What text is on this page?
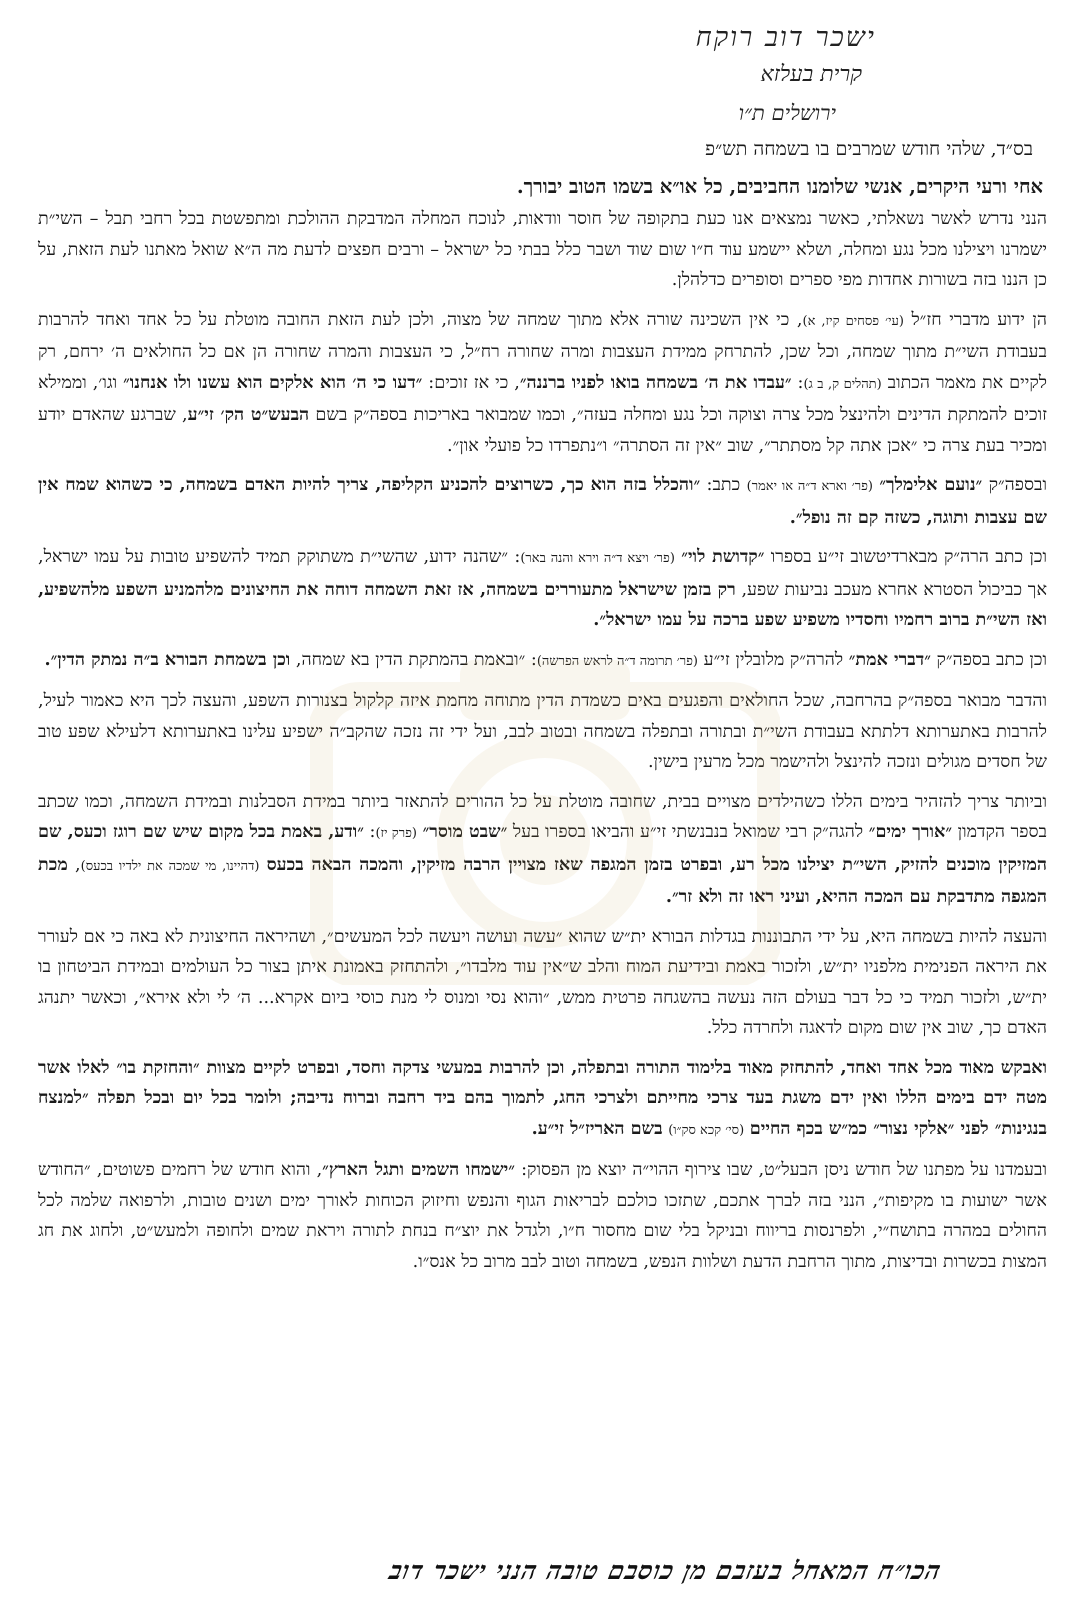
ישכר דוב רוקח
קרית בעלזא
ירושלים ת״ו
בס״ד, שלהי חודש שמרבים בו בשמחה תש״פ
אחי ורעי היקרים, אנשי שלומנו החביבים, כל או״א בשמו הטוב יבורך.

הנני נדרש לאשר נשאלתי, כאשר נמצאים אנו כעת בתקופה של חוסר וודאות, לנוכח המחלה המדבקת ההולכת ומתפשטת בכל רחבי תבל – השי״ת ישמרנו ויצילנו מכל נגע ומחלה, ושלא יישמע עוד ח״ו שום שוד ושבר כלל בבתי כל ישראל – ורבים חפצים לדעת מה ה״א שואל מאתנו לעת הזאת, על כן הננו בזה בשורות אחדות מפי ספרים וסופרים כדלהלן.

הן ידוע מדברי חז״ל (עי׳ פסחים קיז, א), כי אין השכינה שורה אלא מתוך שמחה של מצוה, ולכן לעת הזאת החובה מוטלת על כל אחד ואחד להרבות בעבודת השי״ת מתוך שמחה, וכל שכן, להתרחק ממידת העצבות ומרה שחורה רח״ל, כי העצבות והמרה שחורה הן אם כל החולאים ה׳ ירחם, רק לקיים את מאמר הכתוב (תהלים ק, ב ג): ״עבדו את ה׳ בשמחה בואו לפניו ברננה״, כי אז זוכים: ״דעו כי ה׳ הוא אלקים הוא עשנו ולו אנחנו״ וגו׳, וממילא זוכים להמתקת הדינים ולהינצל מכל צרה וצוקה וכל נגע ומחלה בעזה״, וכמו שמבואר באריכות בספה״ק בשם הבעש״ט הק׳ זי״ע, שברגע שהאדם יודע ומכיר בעת צרה כי ״אכן אתה קל מסתתר״, שוב ״אין זה הסתרה״ ו״נתפרדו כל פועלי און״.

ובספה״ק ״נועם אלימלך״ (פר׳ וארא ד״ה או יאמר) כתב: ״והכלל בזה הוא כך, כשרוצים להכניע הקליפה, צריך להיות האדם בשמחה, כי כשהוא שמח אין שם עצבות ותוגה, כשזה קם זה נופל״.

וכן כתב הרה״ק מבארדיטשוב זי״ע בספרו ״קדושת לוי״ (פר׳ ויצא ד״ה וירא והנה באר): ״שהנה ידוע, שהשי״ת משתוקק תמיד להשפיע טובות על עמו ישראל, אך כביכול הסטרא אחרא מעכב נביעות שפע, רק בזמן שישראל מתעוררים בשמחה, אז זאת השמחה דוחה את החיצונים מלהמניע השפע מלהשפיע, ואז השי״ת ברוב רחמיו וחסדיו משפיע שפע ברכה על עמו ישראל״.

וכן כתב בספה״ק ״דברי אמת״ להרה״ק מלובלין זי״ע (פר׳ תרומה ד״ה לראש הפרשה): ״ובאמת בהמתקת הדין בא שמחה, וכן בשמחת הבורא ב״ה נמתק הדין״.

והדבר מבואר בספה״ק בהרחבה, שכל החולאים והפגעים באים כשמדת הדין מתוחה מחמת איזה קלקול בצנורות השפע, והעצה לכך היא כאמור לעיל, להרבות באתערותא דלתתא בעבודת השי״ת ובתורה ובתפלה בשמחה ובטוב לבב, ועל ידי זה נזכה שהקב״ה ישפיע עלינו באתערותא דלעילא שפע טוב של חסדים מגולים ונזכה להינצל ולהישמר מכל מרעין בישין.

וביותר צריך להזהיר בימים הללו כשהילדים מצויים בבית, שחובה מוטלת על כל ההורים להתאזר ביותר במידת הסבלנות ובמידת השמחה, וכמו שכתב בספר הקדמון ״אורך ימים״ להגה״ק רבי שמואל בנבנשתי זי״ע והביאו בספרו בעל ״שבט מוסר״ (פרק יז): ״ודע, באמת בכל מקום שיש שם רוגז וכעס, שם המזיקין מוכנים להזיק, השי״ת יצילנו מכל רע, ובפרט בזמן המגפה שאז מצויין הרבה מזיקין, והמכה הבאה בכעס (דהיינו, מי שמכה את ילדיו בכעס), מכת המגפה מתדבקת עם המכה ההיא, ועיני ראו זה ולא זר״.

והעצה להיות בשמחה היא, על ידי התבוננות בגדלות הבורא ית״ש שהוא ״עשה ועושה ויעשה לכל המעשים״, ושהיראה החיצונית לא באה כי אם לעורר את היראה הפנימית מלפניו ית״ש, ולזכור באמת ובידיעת המוח והלב ש״אין עוד מלבדו״, ולהתחזק באמונת איתן בצור כל העולמים ובמידת הביטחון בו ית״ש, ולזכור תמיד כי כל דבר בעולם הזה נעשה בהשגחה פרטית ממש, ״והוא נסי ומנוס לי מנת כוסי ביום אקרא... ה׳ לי ולא אירא״, וכאשר יתנהג האדם כך, שוב אין שום מקום לדאגה ולחרדה כלל.

ואבקש מאוד מכל אחד ואחד, להתחזק מאוד בלימוד התורה ובתפלה, וכן להרבות במעשי צדקה וחסד, ובפרט לקיים מצוות ״והחזקת בו״ לאלו אשר מטה ידם בימים הללו ואין ידם משגת בעד צרכי מחייתם ולצרכי החג, לתמוך בהם ביד רחבה וברוח נדיבה; ולומר בכל יום ובכל תפלה ״למנצח בנגינות״ לפני ״אלקי נצור״ כמ״ש בכף החיים (סי׳ קכא סק״ו) בשם האריז״ל זי״ע.

ובעמדנו על מפתנו של חודש ניסן הבעל״ט, שבו צירוף ההוי״ה יוצא מן הפסוק: ״ישמחו השמים ותגל הארץ״, והוא חודש של רחמים פשוטים, ״החודש אשר ישועות בו מקיפות״, הנני בזה לברך אתכם, שתזכו כולכם לבריאות הגוף והנפש וחיזוק הכוחות לאורך ימים ושנים טובות, ולרפואה שלמה לכל החולים במהרה בתושח״י, ולפרנסות בריווח ובניקל בלי שום מחסור ח״ו, ולגדל את יוצ״ח בנחת לתורה ויראת שמים ולחופה ולמעש״ט, ולחוג את חג המצות בכשרות ובדיצות, מתוך הרחבת הדעת ושלוות הנפש, בשמחה וטוב לבב מרוב כל אנס״ו.

הכו״ח המאחל בעזבם מן כוסבם טובה הנני ישכר דוב
